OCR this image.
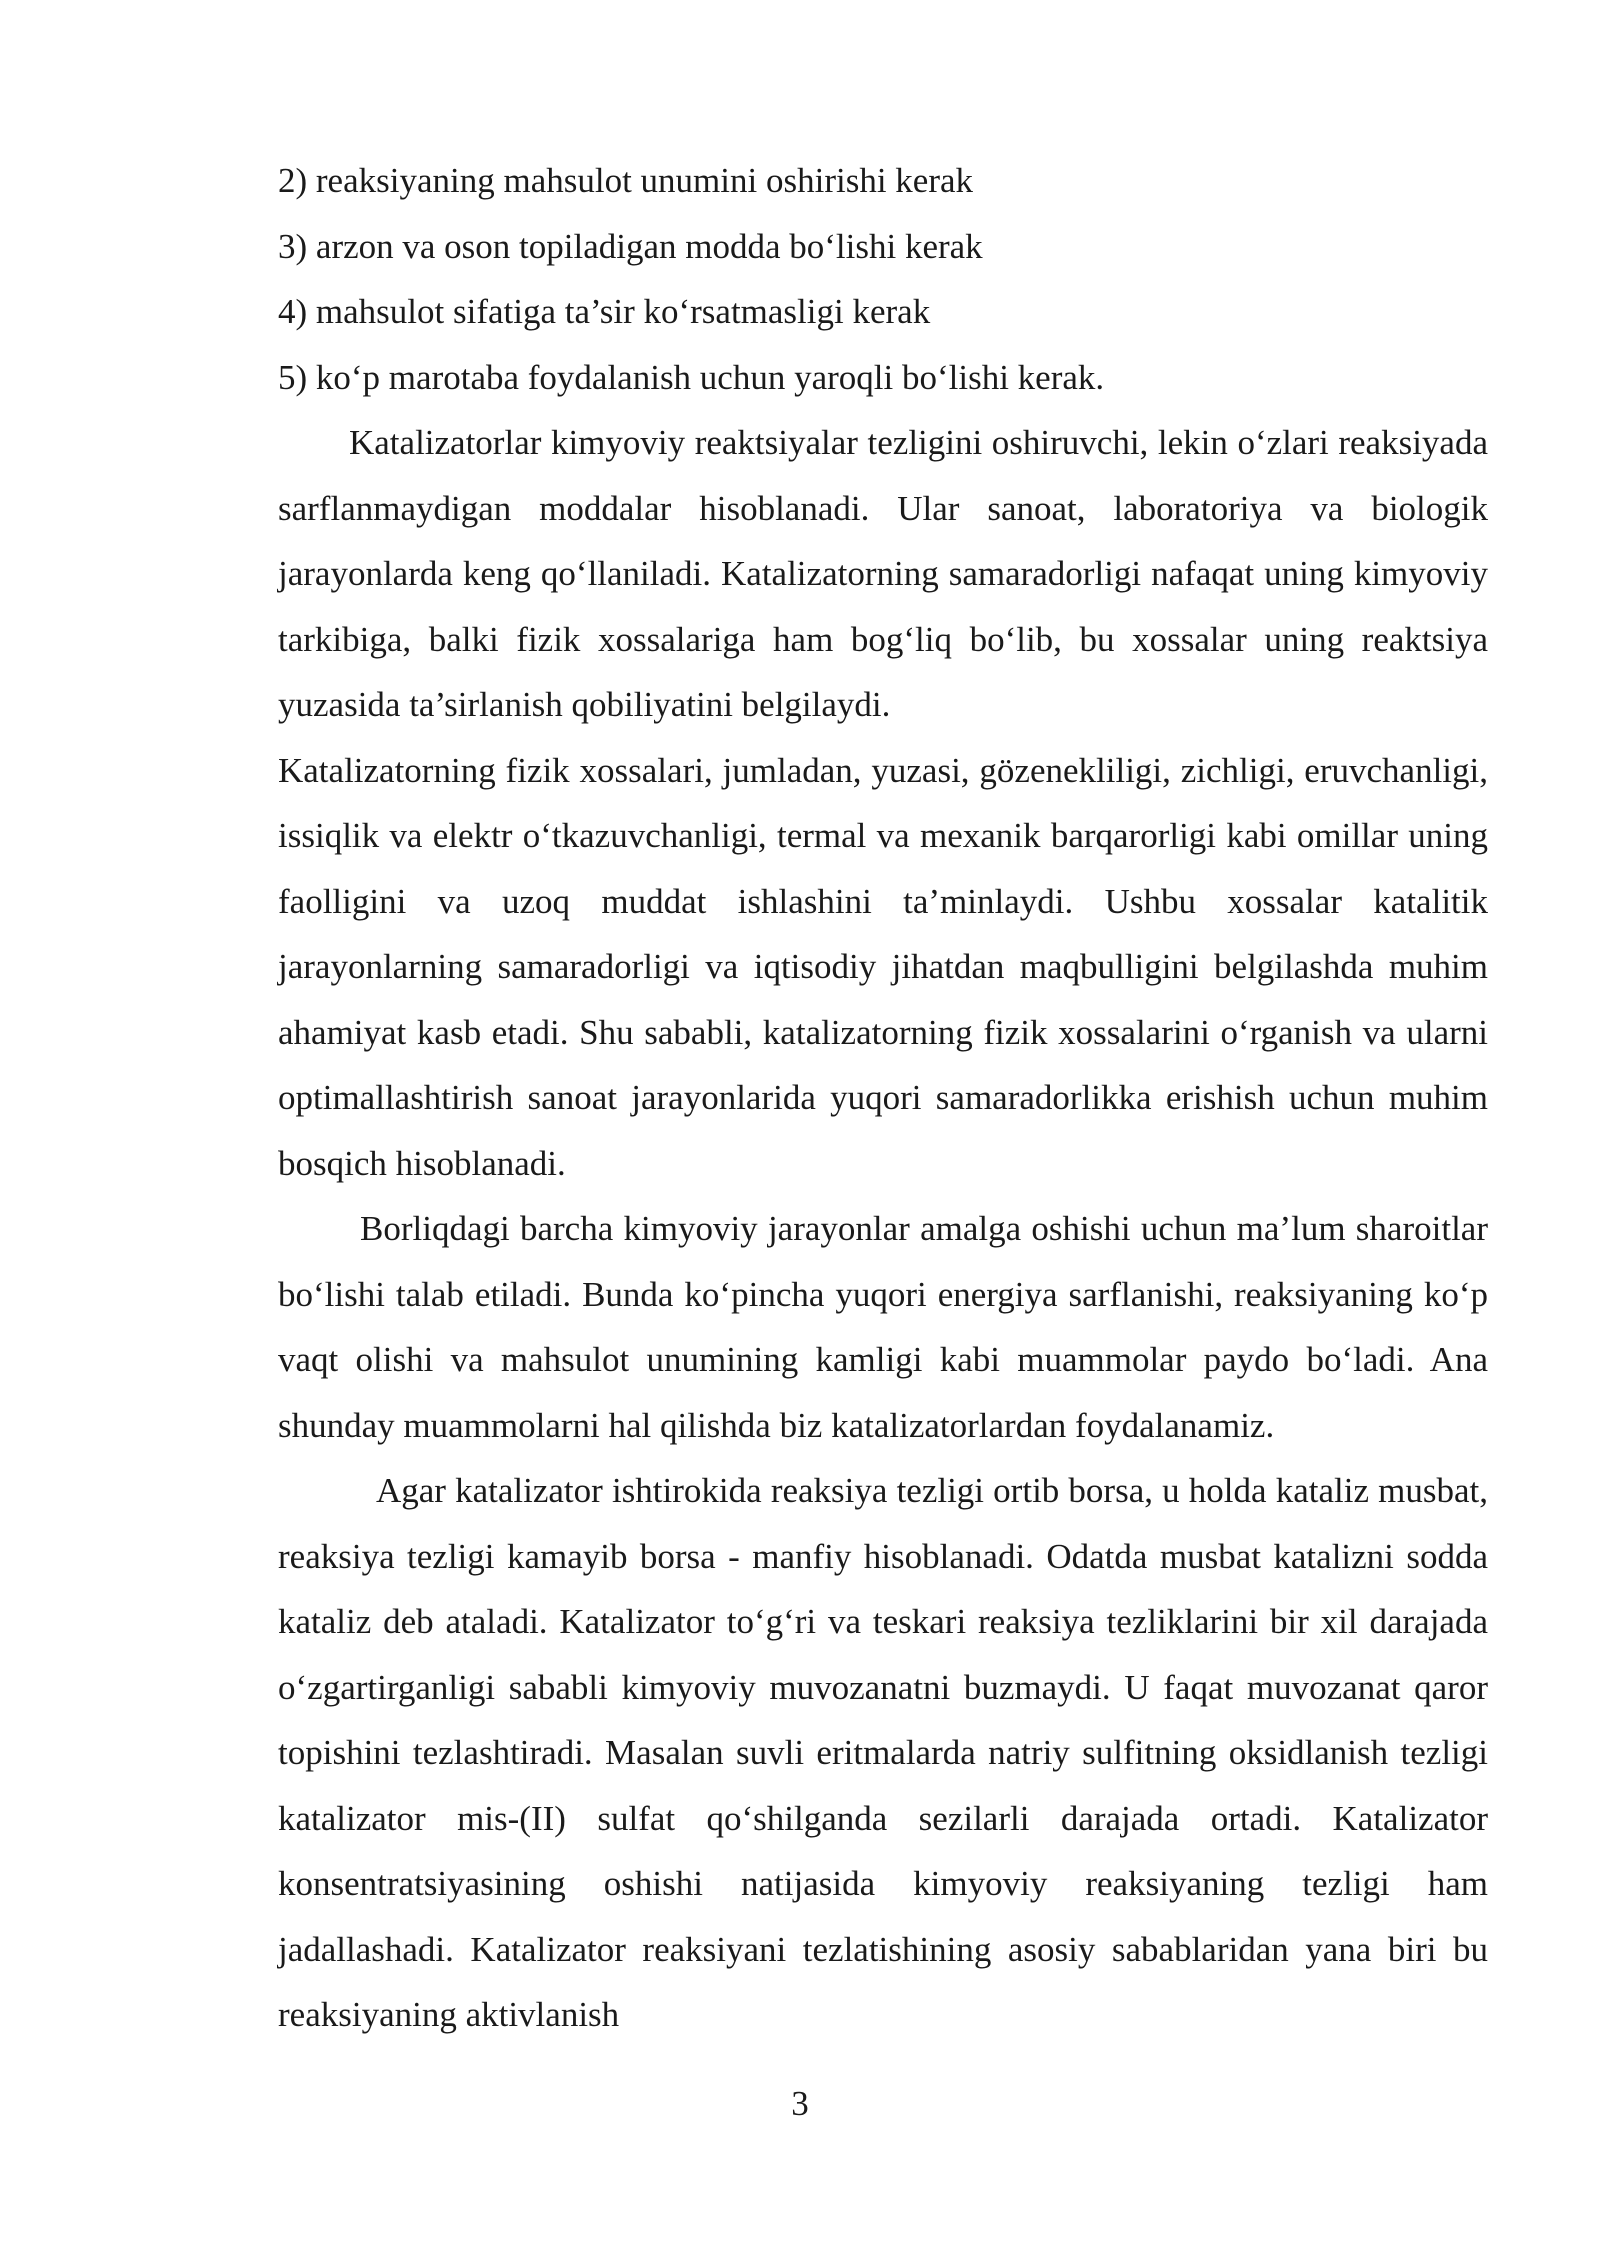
2) reaksiyaning mahsulot unumini oshirishi kerak

3) arzon va oson topiladigan modda bo‘lishi kerak

4) mahsulot sifatiga ta’sir ko‘rsatmasligi kerak

5) ko‘p marotaba foydalanish uchun yaroqli bo‘lishi kerak.

Katalizatorlar kimyoviy reaktsiyalar tezligini oshiruvchi, lekin o‘zlari reaksiyada sarflanmaydigan moddalar hisoblanadi. Ular sanoat, laboratoriya va biologik jarayonlarda keng qo‘llaniladi. Katalizatorning samaradorligi nafaqat uning kimyoviy tarkibiga, balki fizik xossalariga ham bog‘liq bo‘lib, bu xossalar uning reaktsiya yuzasida ta’sirlanish qobiliyatini belgilaydi.

Katalizatorning fizik xossalari, jumladan, yuzasi, gözenekliligi, zichligi, eruvchanligi, issiqlik va elektr o‘tkazuvchanligi, termal va mexanik barqarorligi kabi omillar uning faolligini va uzoq muddat ishlashini ta’minlaydi. Ushbu xossalar katalitik jarayonlarning samaradorligi va iqtisodiy jihatdan maqbulligini belgilashda muhim ahamiyat kasb etadi. Shu sababli, katalizatorning fizik xossalarini o‘rganish va ularni optimallashtirish sanoat jarayonlarida yuqori samaradorlikka erishish uchun muhim bosqich hisoblanadi.

Borliqdagi barcha kimyoviy jarayonlar amalga oshishi uchun ma’lum sharoitlar bo‘lishi talab etiladi. Bunda ko‘pincha yuqori energiya sarflanishi, reaksiyaning ko‘p vaqt olishi va mahsulot unumining kamligi kabi muammolar paydo bo‘ladi. Ana shunday muammolarni hal qilishda biz katalizatorlardan foydalanamiz.

Agar katalizator ishtirokida reaksiya tezligi ortib borsa, u holda kataliz musbat, reaksiya tezligi kamayib borsa - manfiy hisoblanadi. Odatda musbat katalizni sodda kataliz deb ataladi. Katalizator to‘g‘ri va teskari reaksiya tezliklarini bir xil darajada o‘zgartirganligi sababli kimyoviy muvozanatni buzmaydi. U faqat muvozanat qaror topishini tezlashtiradi. Masalan suvli eritmalarda natriy sulfitning oksidlanish tezligi katalizator mis-(II) sulfat qo‘shilganda sezilarli darajada ortadi. Katalizator konsentratsiyasining oshishi natijasida kimyoviy reaksiyaning tezligi ham jadallashadi. Katalizator reaksiyani tezlatishining asosiy sabablaridan yana biri bu reaksiyaning aktivlanish

3
